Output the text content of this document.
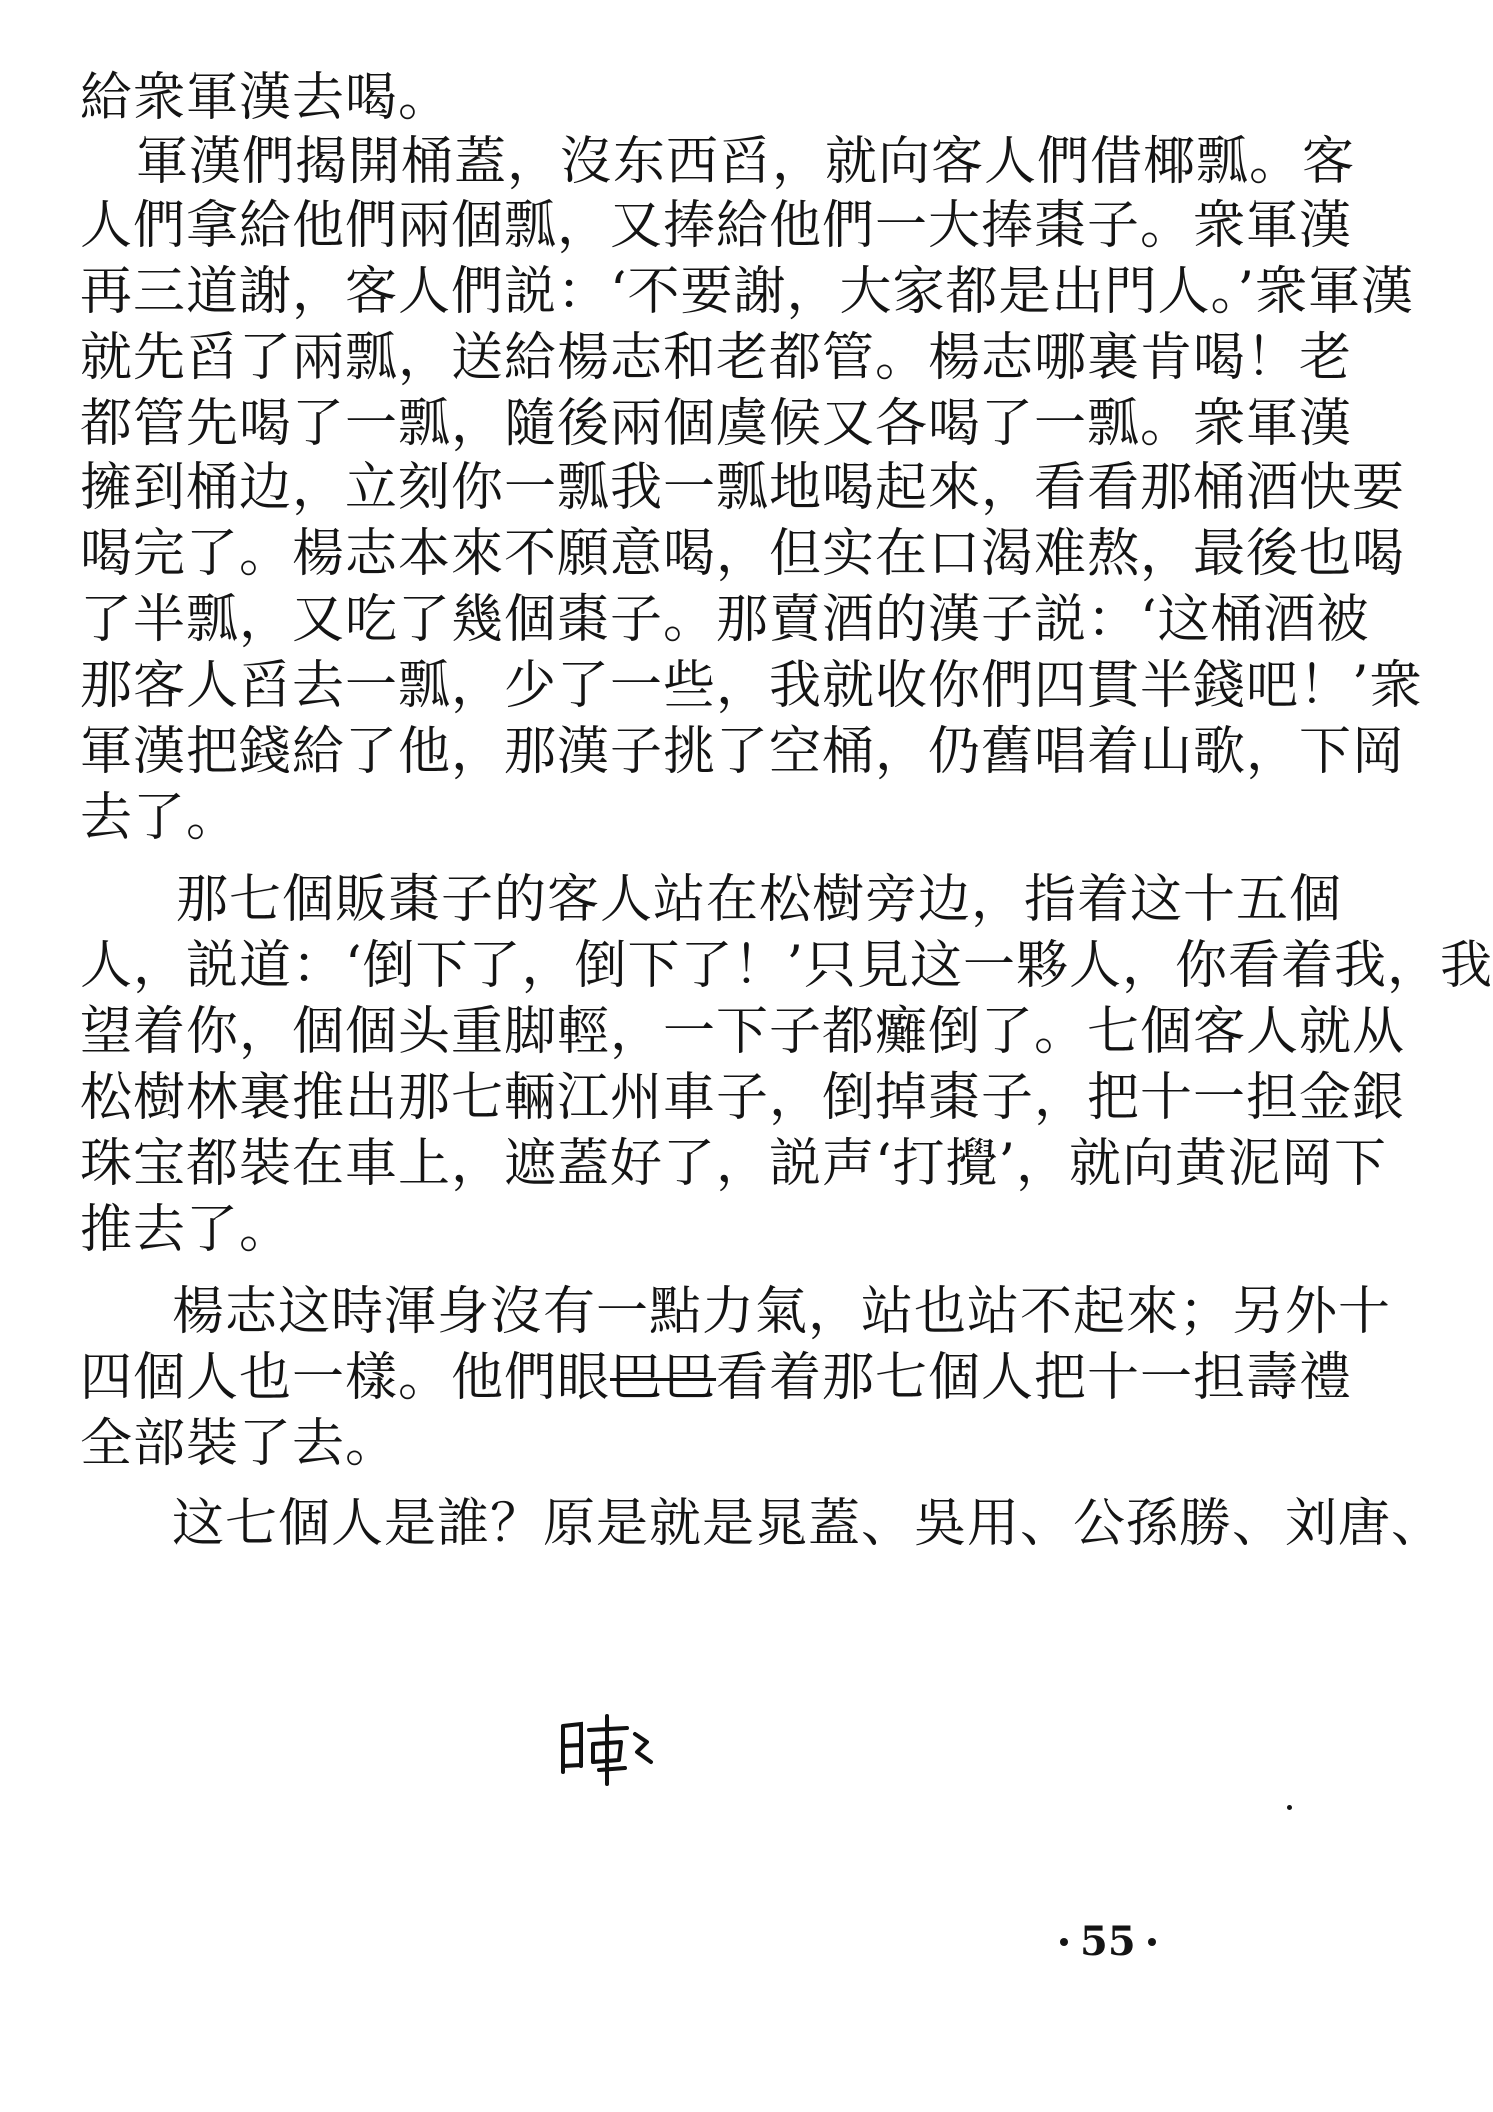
給衆軍漢去喝。
軍漢們揭開桶蓋，沒东西舀，就向客人們借椰瓢。客
人們拿給他們兩個瓢，又捧給他們一大捧棗子。衆軍漢
再三道謝，客人們説：‘不要謝，大家都是出門人。’衆軍漢
就先舀了兩瓢，送給楊志和老都管。楊志哪裏肯喝！老
都管先喝了一瓢，隨後兩個虞候又各喝了一瓢。衆軍漢
擁到桶边，立刻你一瓢我一瓢地喝起來，看看那桶酒快要
喝完了。楊志本來不願意喝，但实在口渴难熬，最後也喝
了半瓢，又吃了幾個棗子。那賣酒的漢子説：‘这桶酒被
那客人舀去一瓢，少了一些，我就收你們四貫半錢吧！’衆
軍漢把錢給了他，那漢子挑了空桶，仍舊唱着山歌，下岡
去了。
那七個販棗子的客人站在松樹旁边，指着这十五個
人，説道：‘倒下了，倒下了！’只見这一夥人，你看着我，我
望着你，個個头重脚輕，一下子都癱倒了。七個客人就从
松樹林裏推出那七輛江州車子，倒掉棗子，把十一担金銀
珠宝都裝在車上，遮蓋好了，説声‘打攪’，就向黄泥岡下
推去了。
楊志这時渾身沒有一點力氣，站也站不起來；另外十
四個人也一樣。他們眼巴巴看着那七個人把十一担壽禮
全部裝了去。
这七個人是誰？原是就是晁蓋、吳用、公孫勝、刘唐、
55
